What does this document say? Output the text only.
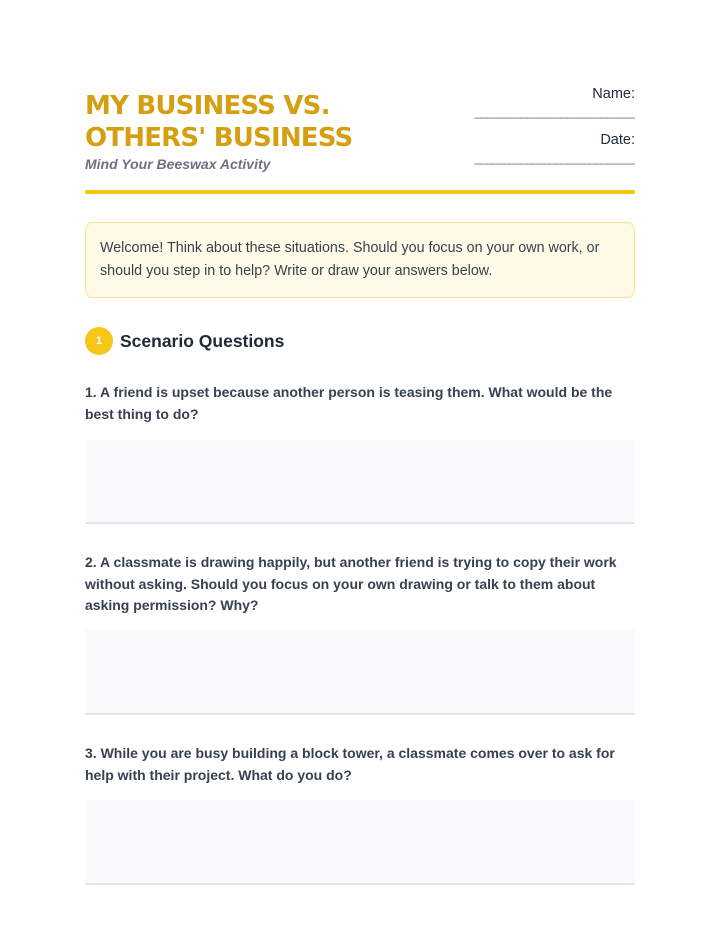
MY BUSINESS VS.
OTHERS' BUSINESS
Mind Your Beeswax Activity
Name:
____________________________
Date:
____________________________
Welcome! Think about these situations. Should you focus on your own work, or should you step in to help? Write or draw your answers below.
1	Scenario Questions
1. A friend is upset because another person is teasing them. What would be the best thing to do?
2. A classmate is drawing happily, but another friend is trying to copy their work without asking. Should you focus on your own drawing or talk to them about asking permission? Why?
3. While you are busy building a block tower, a classmate comes over to ask for help with their project. What do you do?
